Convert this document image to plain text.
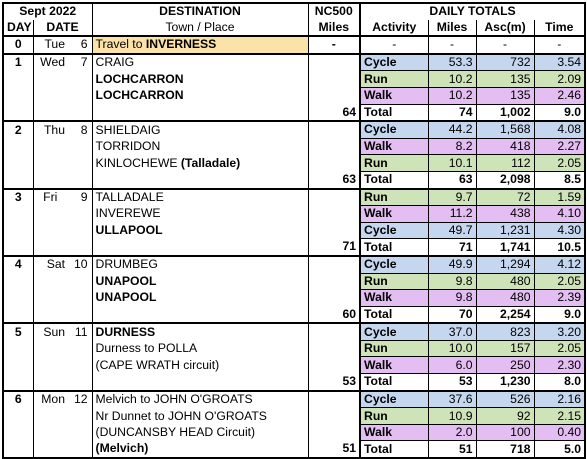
Sept 2022			DESTINATION	NC500	DAILY TOTALS			
DAY	DATE		Town / Place	Miles	Activity	Miles	Asc(m)	Time
0	Tue	6	Travel to INVERNESS	-	-	-	-	-
1	Wed	7	CRAIG		Cycle	53.3	732	3.54
			LOCHCARRON		Run	10.2	135	2.09
			LOCHCARRON		Walk	10.2	135	2.46
				64	Total	74	1,002	9.0
2	Thu	8	SHIELDAIG		Cycle	44.2	1,568	4.08
			TORRIDON		Walk	8.2	418	2.27
			KINLOCHEWE (Talladale)		Run	10.1	112	2.05
				63	Total	63	2,098	8.5
3	Fri	9	TALLADALE		Run	9.7	72	1.59
			INVEREWE		Walk	11.2	438	4.10
			ULLAPOOL		Cycle	49.7	1,231	4.30
				71	Total	71	1,741	10.5
4	Sat	10	DRUMBEG		Cycle	49.9	1,294	4.12
			UNAPOOL		Run	9.8	480	2.05
			UNAPOOL		Walk	9.8	480	2.39
				60	Total	70	2,254	9.0
5	Sun	11	DURNESS		Cycle	37.0	823	3.20
			Durness to POLLA		Run	10.0	157	2.05
			(CAPE WRATH circuit)		Walk	6.0	250	2.30
				53	Total	53	1,230	8.0
6	Mon	12	Melvich to JOHN O'GROATS		Cycle	37.6	526	2.16
			Nr Dunnet to JOHN O'GROATS		Run	10.9	92	2.15
			(DUNCANSBY HEAD Circuit)		Walk	2.0	100	0.40
			(Melvich)	51	Total	51	718	5.0
